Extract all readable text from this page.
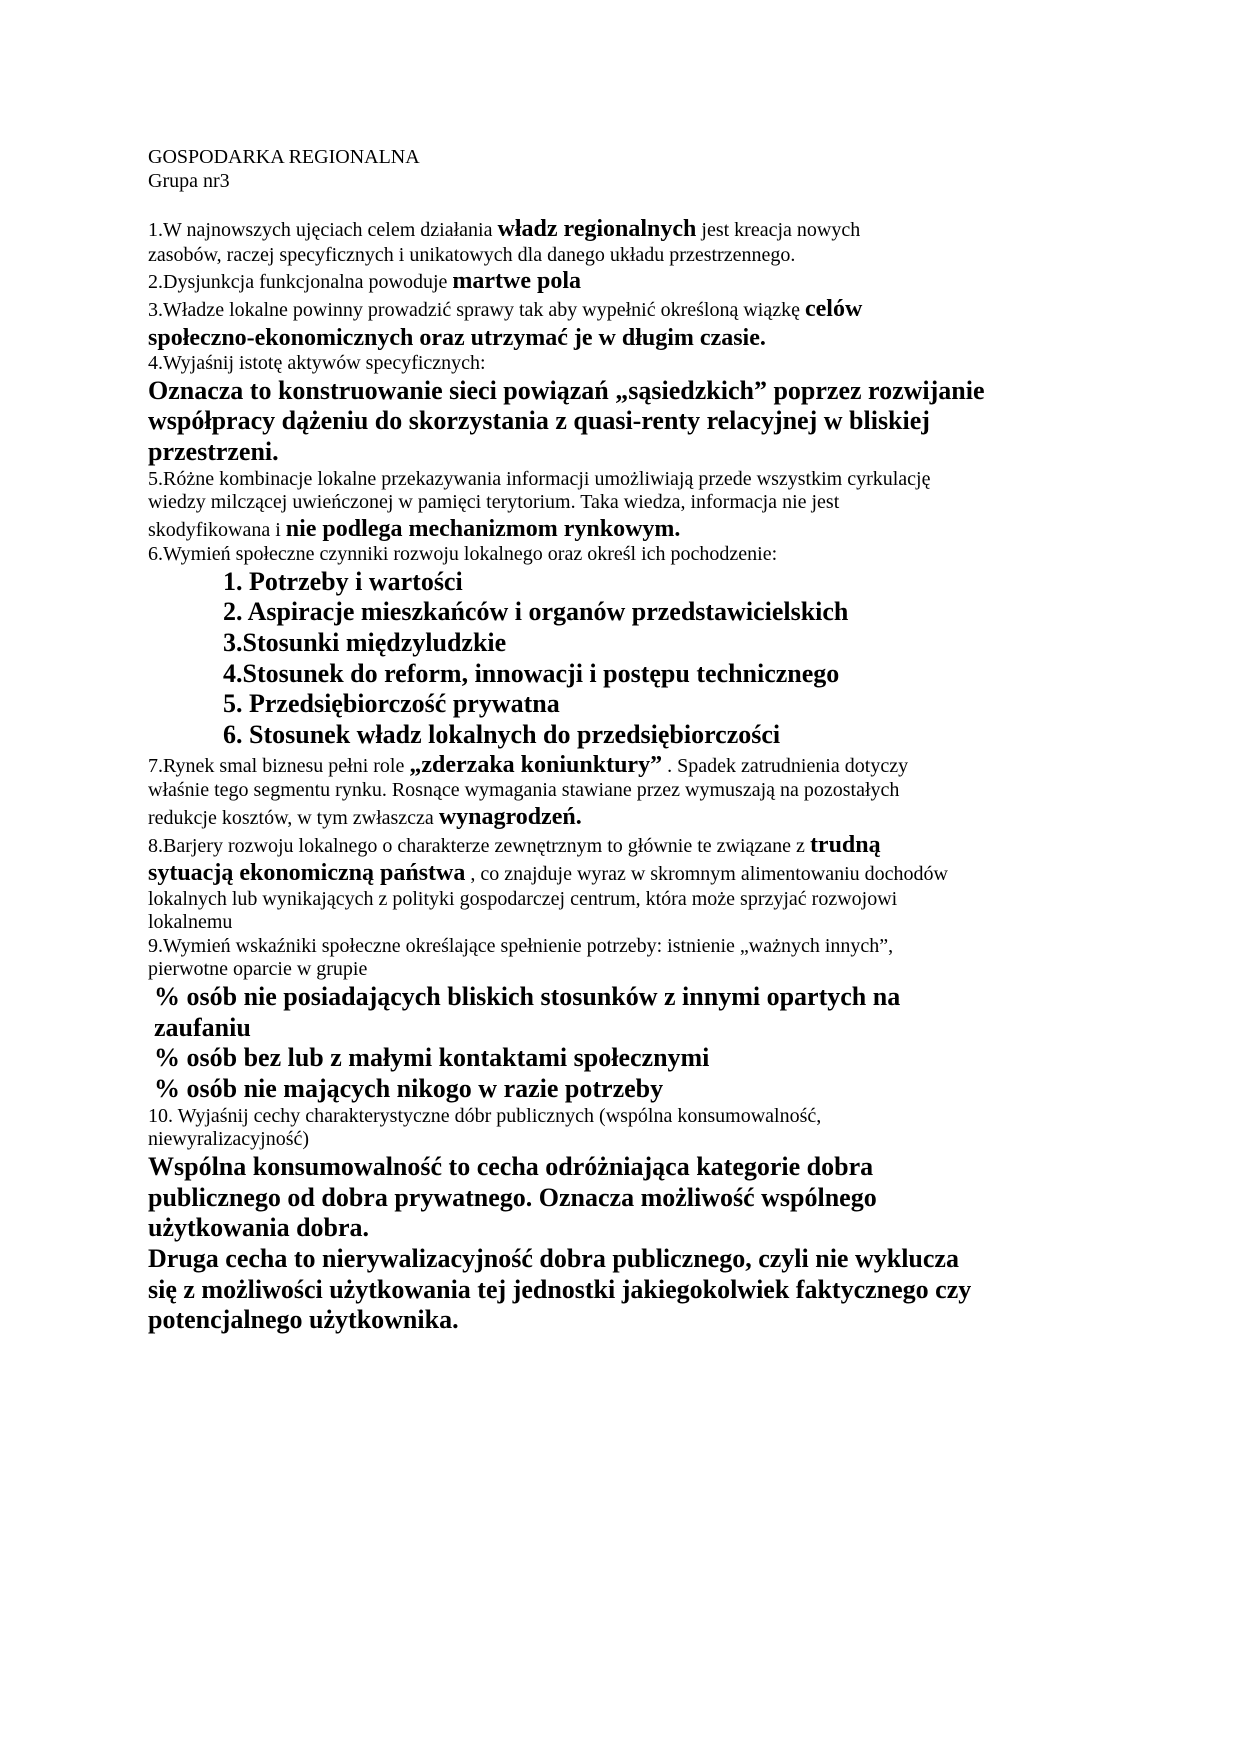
GOSPODARKA REGIONALNA

Grupa nr3

1.W najnowszych ujęciach celem działania władz regionalnych jest kreacja nowych

zasobów, raczej specyficznych i unikatowych dla danego układu przestrzennego.

2.Dysjunkcja funkcjonalna powoduje martwe pola

3.Władze lokalne powinny prowadzić sprawy tak aby wypełnić określoną wiązkę celów

społeczno-ekonomicznych oraz utrzymać je w długim czasie.

4.Wyjaśnij istotę aktywów specyficznych:

Oznacza to konstruowanie sieci powiązań „sąsiedzkich” poprzez rozwijanie

współpracy dążeniu do skorzystania z quasi-renty relacyjnej w bliskiej

przestrzeni.

5.Różne kombinacje lokalne przekazywania informacji umożliwiają przede wszystkim cyrkulację

wiedzy milczącej uwieńczonej w pamięci terytorium. Taka wiedza, informacja nie jest

skodyfikowana i nie podlega mechanizmom rynkowym.

6.Wymień społeczne czynniki rozwoju lokalnego oraz określ ich pochodzenie:

1. Potrzeby i wartości
2. Aspiracje mieszkańców i organów przedstawicielskich
3.Stosunki międzyludzkie
4.Stosunek do reform, innowacji i postępu technicznego
5. Przedsiębiorczość prywatna
6. Stosunek władz lokalnych do przedsiębiorczości

7.Rynek smal biznesu pełni role „zderzaka koniunktury” . Spadek zatrudnienia dotyczy

właśnie tego segmentu rynku. Rosnące wymagania stawiane przez wymuszają na pozostałych

redukcje kosztów, w tym zwłaszcza wynagrodzeń.

8.Barjery rozwoju lokalnego o charakterze zewnętrznym to głównie te związane z trudną

sytuacją ekonomiczną państwa , co znajduje wyraz w skromnym alimentowaniu dochodów

lokalnych lub wynikających z polityki gospodarczej centrum, która może sprzyjać rozwojowi

lokalnemu

9.Wymień wskaźniki społeczne określające spełnienie potrzeby: istnienie „ważnych innych”,

pierwotne oparcie w grupie

% osób nie posiadających bliskich stosunków z innymi opartych na

zaufaniu

% osób bez lub z małymi kontaktami społecznymi

% osób nie mających nikogo w razie potrzeby

10. Wyjaśnij cechy charakterystyczne dóbr publicznych (wspólna konsumowalność,

niewyralizacyjność)

Wspólna konsumowalność to cecha odróżniająca kategorie dobra

publicznego od dobra prywatnego. Oznacza możliwość wspólnego

użytkowania dobra.

Druga cecha to nierywalizacyjność dobra publicznego, czyli nie wyklucza

się z możliwości użytkowania tej jednostki jakiegokolwiek faktycznego czy

potencjalnego użytkownika.
